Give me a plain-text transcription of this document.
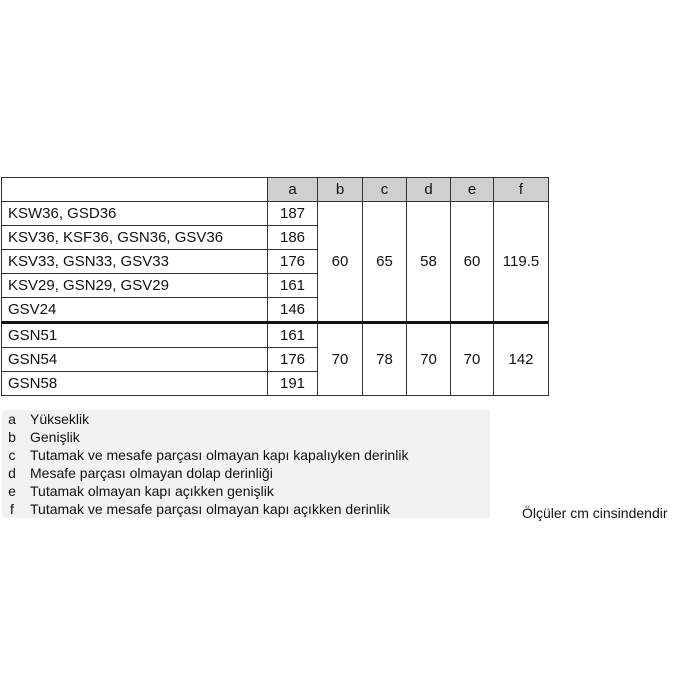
	a	b	c	d	e	f
KSW36, GSD36	187	60	65	58	60	119.5
KSV36, KSF36, GSN36, GSV36	186					
KSV33, GSN33, GSV33	176					
KSV29, GSN29, GSV29	161					
GSV24	146					
GSN51	161	70	78	70	70	142
GSN54	176					
GSN58	191					
a	Yükseklik
b	Genişlik
c	Tutamak ve mesafe parçası olmayan kapı kapalıyken derinlik
d	Mesafe parçası olmayan dolap derinliği
e	Tutamak olmayan kapı açıkken genişlik
f	Tutamak ve mesafe parçası olmayan kapı açıkken derinlik	Ölçüler cm cinsindendir
